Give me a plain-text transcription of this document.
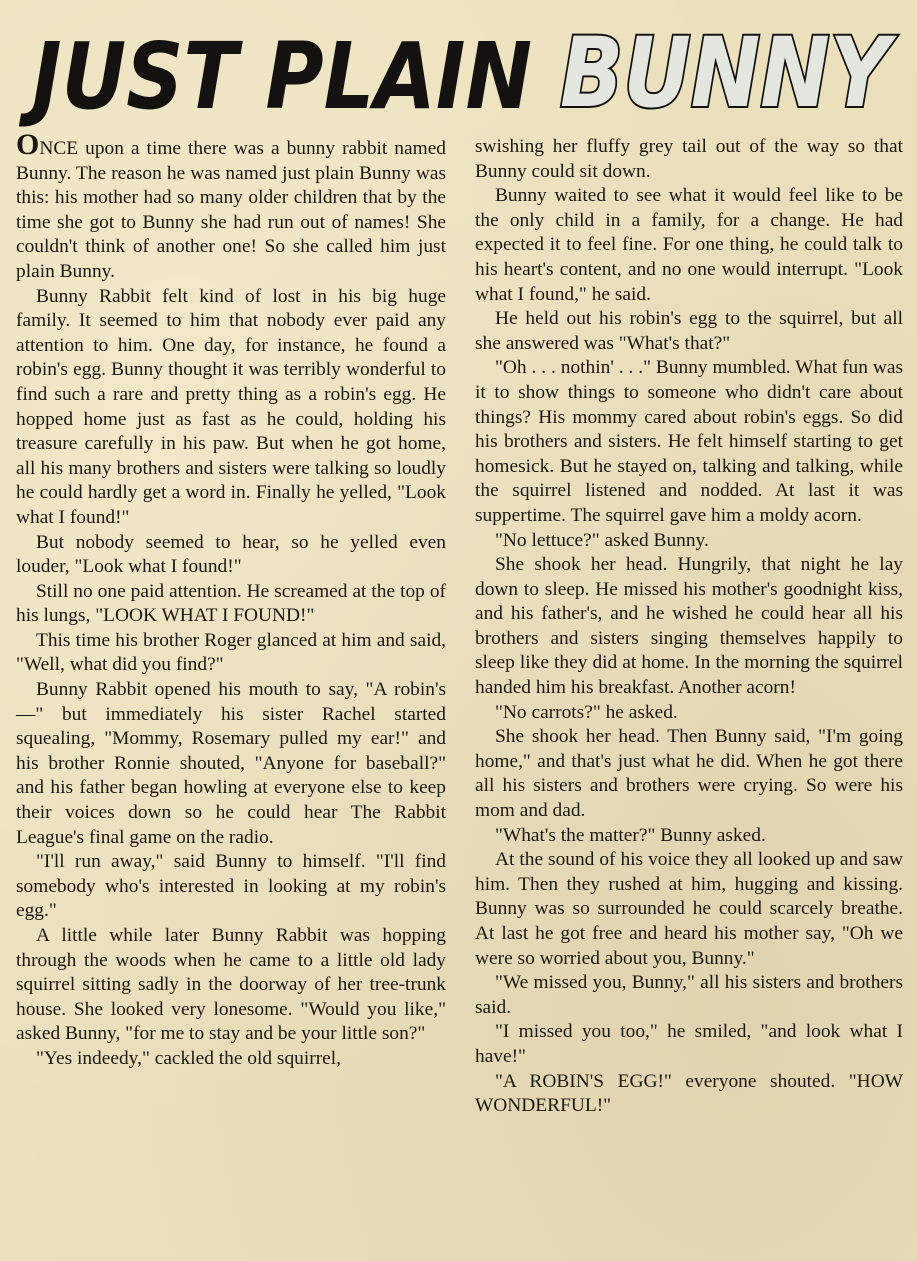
JUST PLAIN BUNNY

ONCE upon a time there was a bunny rabbit named Bunny. The reason he was named just plain Bunny was this: his mother had so many older children that by the time she got to Bunny she had run out of names! She couldn't think of another one! So she called him just plain Bunny.

Bunny Rabbit felt kind of lost in his big huge family. It seemed to him that nobody ever paid any attention to him. One day, for instance, he found a robin's egg. Bunny thought it was terribly wonderful to find such a rare and pretty thing as a robin's egg. He hopped home just as fast as he could, holding his treasure carefully in his paw. But when he got home, all his many brothers and sisters were talking so loudly he could hardly get a word in. Finally he yelled, "Look what I found!"

But nobody seemed to hear, so he yelled even louder, "Look what I found!"

Still no one paid attention. He screamed at the top of his lungs, "LOOK WHAT I FOUND!"

This time his brother Roger glanced at him and said, "Well, what did you find?"

Bunny Rabbit opened his mouth to say, "A robin's—" but immediately his sister Rachel started squealing, "Mommy, Rosemary pulled my ear!" and his brother Ronnie shouted, "Anyone for baseball?" and his father began howling at everyone else to keep their voices down so he could hear The Rabbit League's final game on the radio.

"I'll run away," said Bunny to himself. "I'll find somebody who's interested in looking at my robin's egg."

A little while later Bunny Rabbit was hopping through the woods when he came to a little old lady squirrel sitting sadly in the doorway of her tree-trunk house. She looked very lonesome. "Would you like," asked Bunny, "for me to stay and be your little son?"

"Yes indeedy," cackled the old squirrel,

swishing her fluffy grey tail out of the way so that Bunny could sit down.

Bunny waited to see what it would feel like to be the only child in a family, for a change. He had expected it to feel fine. For one thing, he could talk to his heart's content, and no one would interrupt. "Look what I found," he said.

He held out his robin's egg to the squirrel, but all she answered was "What's that?"

"Oh . . . nothin' . . ." Bunny mumbled. What fun was it to show things to someone who didn't care about things? His mommy cared about robin's eggs. So did his brothers and sisters. He felt himself starting to get homesick. But he stayed on, talking and talking, while the squirrel listened and nodded. At last it was suppertime. The squirrel gave him a moldy acorn.

"No lettuce?" asked Bunny.

She shook her head. Hungrily, that night he lay down to sleep. He missed his mother's goodnight kiss, and his father's, and he wished he could hear all his brothers and sisters singing themselves happily to sleep like they did at home. In the morning the squirrel handed him his breakfast. Another acorn!

"No carrots?" he asked.

She shook her head. Then Bunny said, "I'm going home," and that's just what he did. When he got there all his sisters and brothers were crying. So were his mom and dad.

"What's the matter?" Bunny asked.

At the sound of his voice they all looked up and saw him. Then they rushed at him, hugging and kissing. Bunny was so surrounded he could scarcely breathe. At last he got free and heard his mother say, "Oh we were so worried about you, Bunny."

"We missed you, Bunny," all his sisters and brothers said.

"I missed you too," he smiled, "and look what I have!"

"A ROBIN'S EGG!" everyone shouted. "HOW WONDERFUL!"
